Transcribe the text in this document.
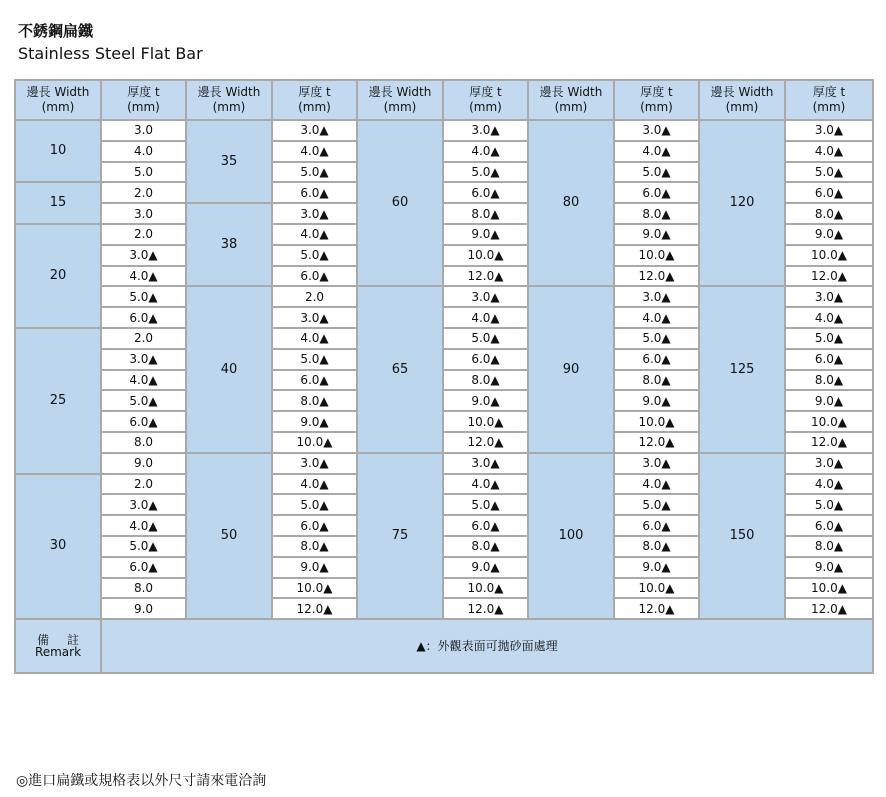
不銹鋼扁鐵
Stainless Steel Flat Bar
邊長 Width
(mm)	厚度 t
(mm)	邊長 Width
(mm)	厚度 t
(mm)	邊長 Width
(mm)	厚度 t
(mm)	邊長 Width
(mm)	厚度 t
(mm)	邊長 Width
(mm)	厚度 t
(mm)
10	3.0	35	3.0▲	60	3.0▲	80	3.0▲	120	3.0▲
	4.0		4.0▲		4.0▲		4.0▲		4.0▲
	5.0		5.0▲		5.0▲		5.0▲		5.0▲
15	2.0		6.0▲		6.0▲		6.0▲		6.0▲
	3.0	38	3.0▲		8.0▲		8.0▲		8.0▲
20	2.0		4.0▲		9.0▲		9.0▲		9.0▲
	3.0▲		5.0▲		10.0▲		10.0▲		10.0▲
	4.0▲		6.0▲		12.0▲		12.0▲		12.0▲
	5.0▲	40	2.0	65	3.0▲	90	3.0▲	125	3.0▲
	6.0▲		3.0▲		4.0▲		4.0▲		4.0▲
25	2.0		4.0▲		5.0▲		5.0▲		5.0▲
	3.0▲		5.0▲		6.0▲		6.0▲		6.0▲
	4.0▲		6.0▲		8.0▲		8.0▲		8.0▲
	5.0▲		8.0▲		9.0▲		9.0▲		9.0▲
	6.0▲		9.0▲		10.0▲		10.0▲		10.0▲
	8.0		10.0▲		12.0▲		12.0▲		12.0▲
	9.0	50	3.0▲	75	3.0▲	100	3.0▲	150	3.0▲
30	2.0		4.0▲		4.0▲		4.0▲		4.0▲
	3.0▲		5.0▲		5.0▲		5.0▲		5.0▲
	4.0▲		6.0▲		6.0▲		6.0▲		6.0▲
	5.0▲		8.0▲		8.0▲		8.0▲		8.0▲
	6.0▲		9.0▲		9.0▲		9.0▲		9.0▲
	8.0		10.0▲		10.0▲		10.0▲		10.0▲
	9.0		12.0▲		12.0▲		12.0▲		12.0▲
備註
Remark	▲：外觀表面可拋砂面處理								
◎進口扁鐵或規格表以外尺寸請來電洽詢
